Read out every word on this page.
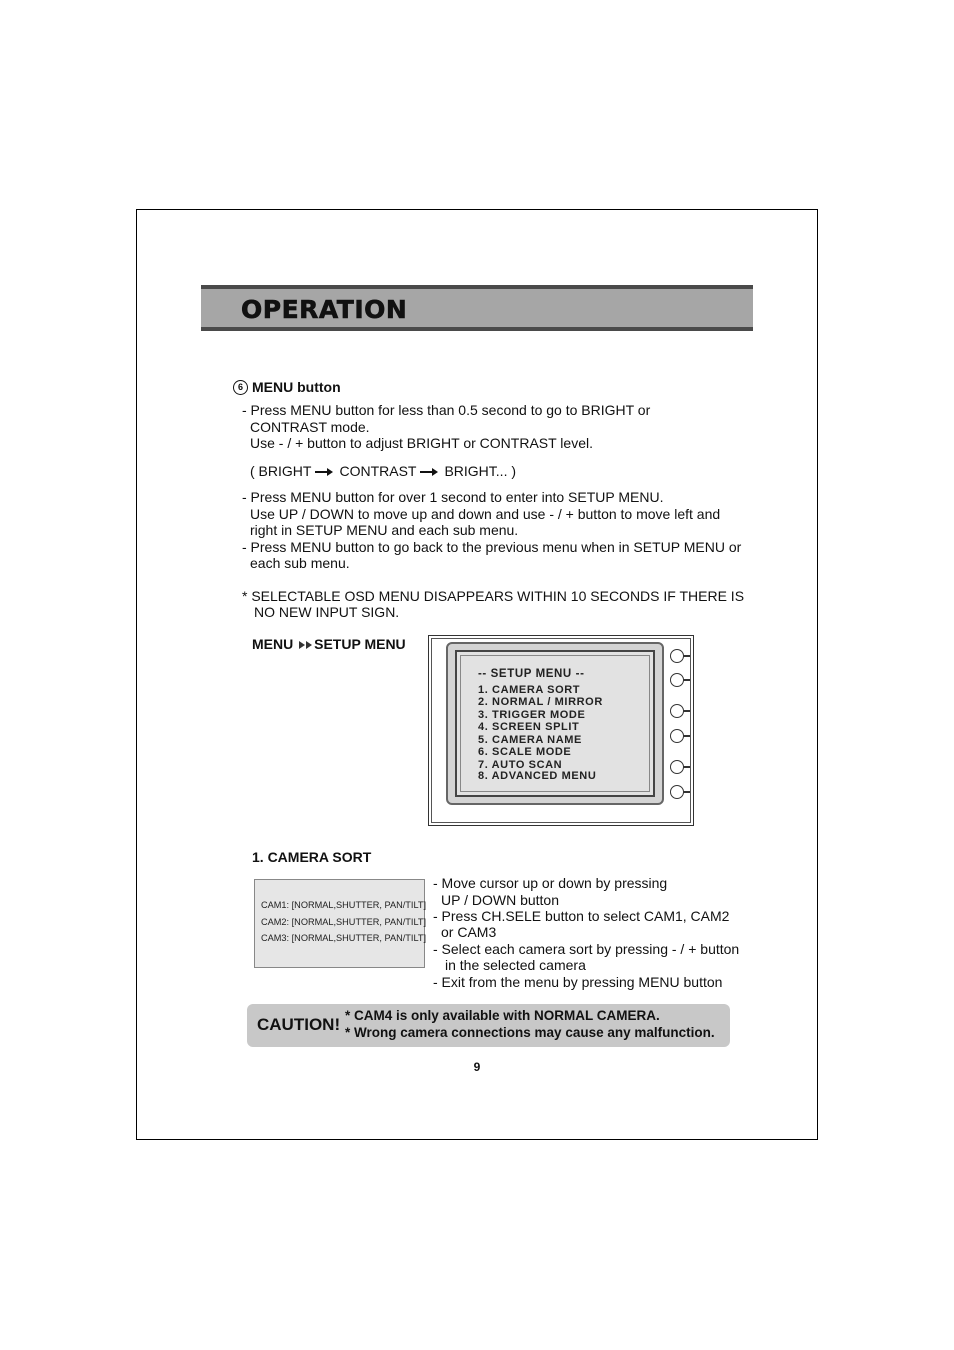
OPERATION
6 MENU button
- Press MENU button for less than 0.5 second to go to BRIGHT or
CONTRAST mode.
Use - / + button to adjust BRIGHT or CONTRAST level.
( BRIGHT CONTRAST BRIGHT... )
- Press MENU button for over 1 second to enter into SETUP MENU.
Use UP / DOWN to move up and down and use - / + button to move left and
right in SETUP MENU and each sub menu.
- Press MENU button to go back to the previous menu when in SETUP MENU or
each sub menu.
* SELECTABLE OSD MENU DISAPPEARS WITHIN 10 SECONDS IF THERE IS
NO NEW INPUT SIGN.
MENU SETUP MENU
-- SETUP MENU --
1. CAMERA SORT
2. NORMAL / MIRROR
3. TRIGGER MODE
4. SCREEN SPLIT
5. CAMERA NAME
6. SCALE MODE
7. AUTO SCAN
8. ADVANCED MENU
1. CAMERA SORT
CAM1: [NORMAL,SHUTTER, PAN/TILT]
CAM2: [NORMAL,SHUTTER, PAN/TILT]
CAM3: [NORMAL,SHUTTER, PAN/TILT]
- Move cursor up or down by pressing
UP / DOWN button
- Press CH.SELE button to select CAM1, CAM2
or CAM3
- Select each camera sort by pressing - / + button
in the selected camera
- Exit from the menu by pressing MENU button
CAUTION! * CAM4 is only available with NORMAL CAMERA.
* Wrong camera connections may cause any malfunction.
9
